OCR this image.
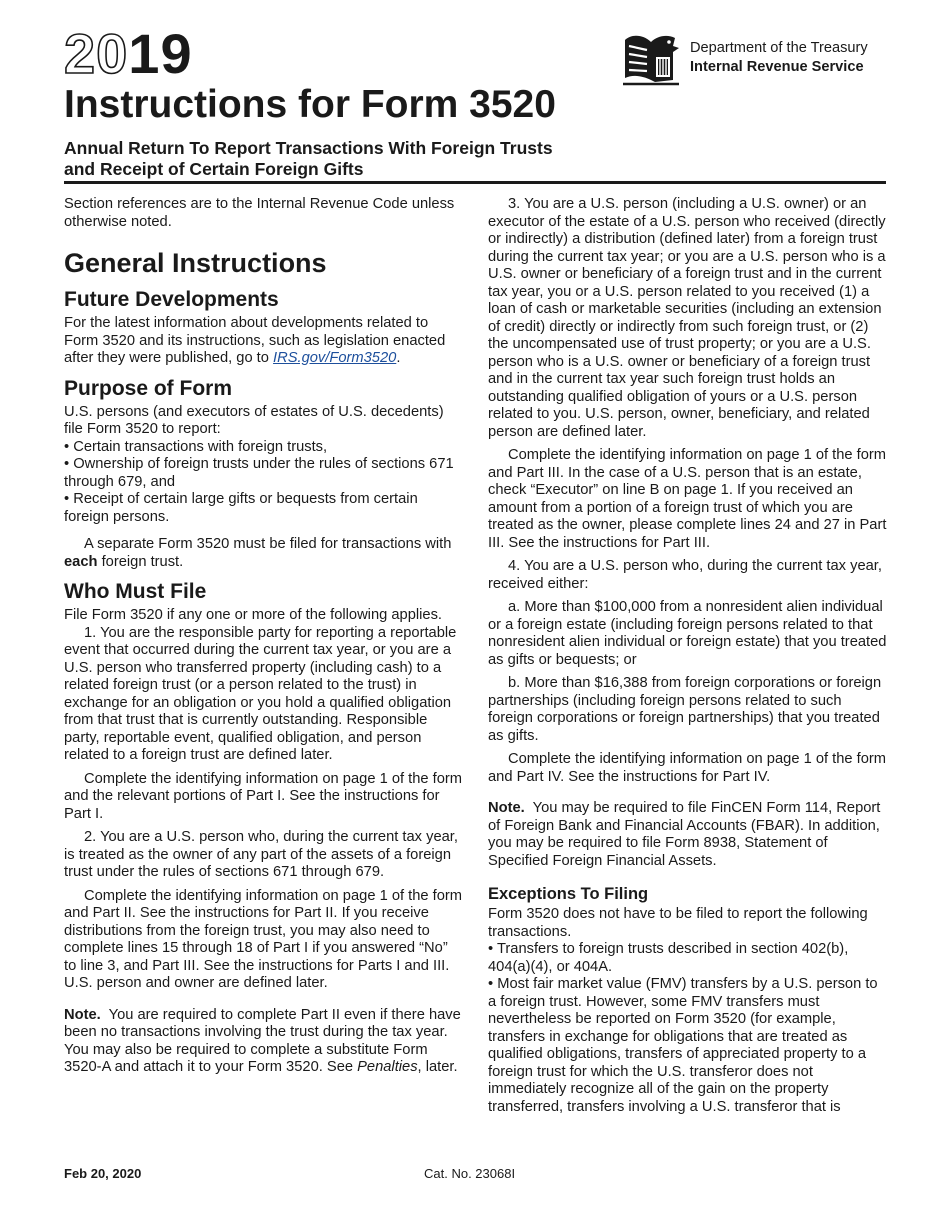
2019
Instructions for Form 3520
Annual Return To Report Transactions With Foreign Trusts
and Receipt of Certain Foreign Gifts
Department of the Treasury
Internal Revenue Service

Section references are to the Internal Revenue Code unless otherwise noted.

General Instructions
Future Developments

For the latest information about developments related to Form 3520 and its instructions, such as legislation enacted after they were published, go to IRS.gov/Form3520.

Purpose of Form

U.S. persons (and executors of estates of U.S. decedents) file Form 3520 to report:

• Certain transactions with foreign trusts,

• Ownership of foreign trusts under the rules of sections 671 through 679, and

• Receipt of certain large gifts or bequests from certain foreign persons.

A separate Form 3520 must be filed for transactions with each foreign trust.

Who Must File

File Form 3520 if any one or more of the following applies.

1. You are the responsible party for reporting a reportable event that occurred during the current tax year, or you are a U.S. person who transferred property (including cash) to a related foreign trust (or a person related to the trust) in exchange for an obligation or you hold a qualified obligation from that trust that is currently outstanding. Responsible party, reportable event, qualified obligation, and person related to a foreign trust are defined later.

Complete the identifying information on page 1 of the form and the relevant portions of Part I. See the instructions for Part I.

2. You are a U.S. person who, during the current tax year, is treated as the owner of any part of the assets of a foreign trust under the rules of sections 671 through 679.

Complete the identifying information on page 1 of the form and Part II. See the instructions for Part II. If you receive distributions from the foreign trust, you may also need to complete lines 15 through 18 of Part I if you answered “No” to line 3, and Part III. See the instructions for Parts I and III. U.S. person and owner are defined later.

Note. You are required to complete Part II even if there have been no transactions involving the trust during the tax year. You may also be required to complete a substitute Form 3520-A and attach it to your Form 3520. See Penalties, later.

3. You are a U.S. person (including a U.S. owner) or an executor of the estate of a U.S. person who received (directly or indirectly) a distribution (defined later) from a foreign trust during the current tax year; or you are a U.S. person who is a U.S. owner or beneficiary of a foreign trust and in the current tax year, you or a U.S. person related to you received (1) a loan of cash or marketable securities (including an extension of credit) directly or indirectly from such foreign trust, or (2) the uncompensated use of trust property; or you are a U.S. person who is a U.S. owner or beneficiary of a foreign trust and in the current tax year such foreign trust holds an outstanding qualified obligation of yours or a U.S. person related to you. U.S. person, owner, beneficiary, and related person are defined later.

Complete the identifying information on page 1 of the form and Part III. In the case of a U.S. person that is an estate, check “Executor” on line B on page 1. If you received an amount from a portion of a foreign trust of which you are treated as the owner, please complete lines 24 and 27 in Part III. See the instructions for Part III.

4. You are a U.S. person who, during the current tax year, received either:

a. More than $100,000 from a nonresident alien individual or a foreign estate (including foreign persons related to that nonresident alien individual or foreign estate) that you treated as gifts or bequests; or

b. More than $16,388 from foreign corporations or foreign partnerships (including foreign persons related to such foreign corporations or foreign partnerships) that you treated as gifts.

Complete the identifying information on page 1 of the form and Part IV. See the instructions for Part IV.

Note. You may be required to file FinCEN Form 114, Report of Foreign Bank and Financial Accounts (FBAR). In addition, you may be required to file Form 8938, Statement of Specified Foreign Financial Assets.

Exceptions To Filing

Form 3520 does not have to be filed to report the following transactions.

• Transfers to foreign trusts described in section 402(b), 404(a)(4), or 404A.

• Most fair market value (FMV) transfers by a U.S. person to a foreign trust. However, some FMV transfers must nevertheless be reported on Form 3520 (for example, transfers in exchange for obligations that are treated as qualified obligations, transfers of appreciated property to a foreign trust for which the U.S. transferor does not immediately recognize all of the gain on the property transferred, transfers involving a U.S. transferor that is

Feb 20, 2020	Cat. No. 23068I
